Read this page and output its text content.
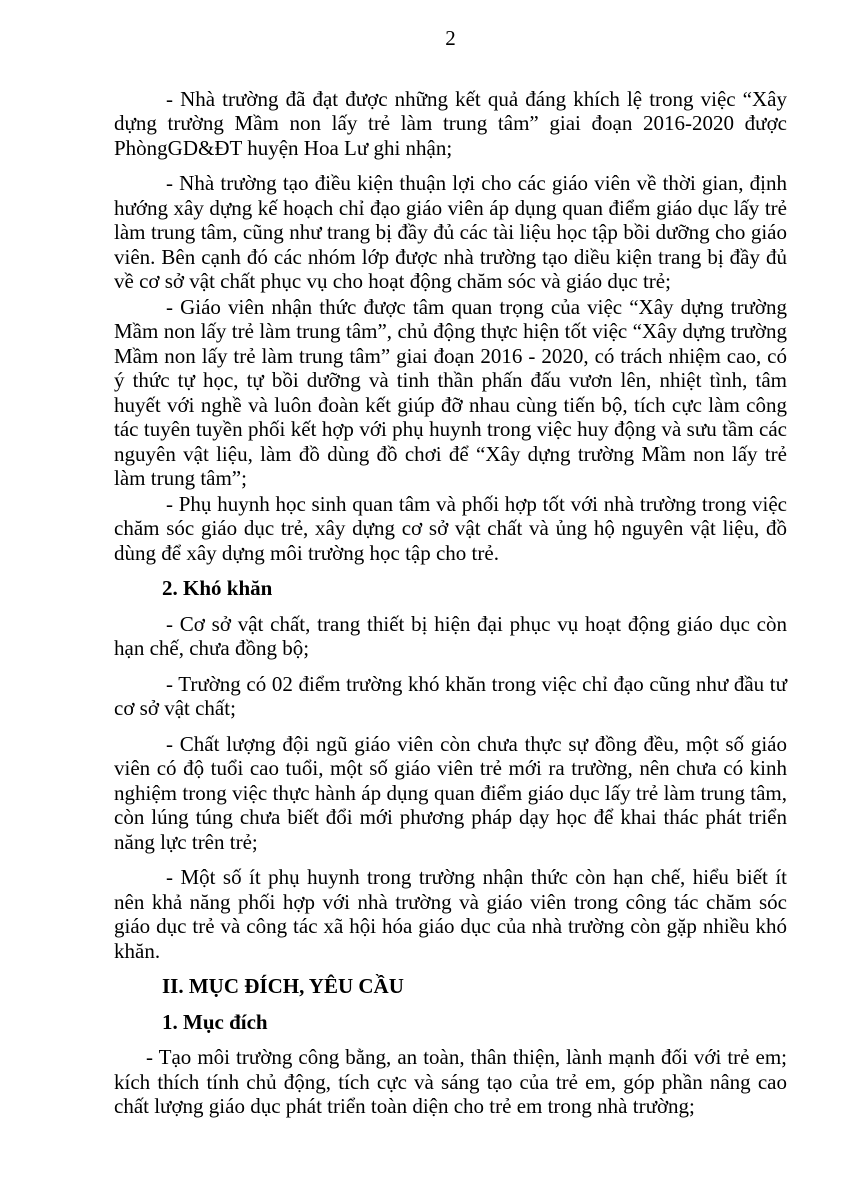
2

- Nhà trường đã đạt được những kết quả đáng khích lệ trong việc “Xây dựng trường Mầm non lấy trẻ làm trung tâm” giai đoạn 2016-2020 được PhòngGD&ĐT huyện Hoa Lư ghi nhận;

- Nhà trường tạo điều kiện thuận lợi cho các giáo viên về thời gian, định hướng xây dựng kế hoạch chỉ đạo giáo viên áp dụng quan điểm giáo dục lấy trẻ làm trung tâm, cũng như trang bị đầy đủ các tài liệu học tập bồi dưỡng cho giáo viên. Bên cạnh đó các nhóm lớp được nhà trường tạo diều kiện trang bị đầy đủ về cơ sở vật chất phục vụ cho hoạt động chăm sóc và giáo dục trẻ;

- Giáo viên nhận thức được tâm quan trọng của việc “Xây dựng trường Mầm non lấy trẻ làm trung tâm”, chủ động thực hiện tốt việc “Xây dựng trường Mầm non lấy trẻ làm trung tâm” giai đoạn 2016 - 2020, có trách nhiệm cao, có ý thức tự học, tự bồi dưỡng và tinh thần phấn đấu vươn lên, nhiệt tình, tâm huyết với nghề và luôn đoàn kết giúp đỡ nhau cùng tiến bộ, tích cực làm công tác tuyên tuyền phối kết hợp với phụ huynh trong việc huy động và sưu tầm các nguyên vật liệu, làm đồ dùng đồ chơi để “Xây dựng trường Mầm non lấy trẻ làm trung tâm”;

- Phụ huynh học sinh quan tâm và phối hợp tốt với nhà trường trong việc chăm sóc giáo dục trẻ, xây dựng cơ sở vật chất và ủng hộ nguyên vật liệu, đồ dùng để xây dựng môi trường học tập cho trẻ.

2. Khó khăn

- Cơ sở vật chất, trang thiết bị hiện đại phục vụ hoạt động giáo dục còn hạn chế, chưa đồng bộ;

- Trường có 02 điểm trường khó khăn trong việc chỉ đạo cũng như đầu tư cơ sở vật chất;

- Chất lượng đội ngũ giáo viên còn chưa thực sự đồng đều, một số giáo viên có độ tuổi cao tuổi, một số giáo viên trẻ mới ra trường, nên chưa có kinh nghiệm trong việc thực hành áp dụng quan điểm giáo dục lấy trẻ làm trung tâm, còn lúng túng chưa biết đổi mới phương pháp dạy học để khai thác phát triển năng lực trên trẻ;

- Một số ít phụ huynh trong trường nhận thức còn hạn chế, hiểu biết ít nên khả năng phối hợp với nhà trường và giáo viên trong công tác chăm sóc giáo dục trẻ và công tác xã hội hóa giáo dục của nhà trường còn gặp nhiều khó khăn.

II. MỤC ĐÍCH, YÊU CẦU

1. Mục đích

- Tạo môi trường công bằng, an toàn, thân thiện, lành mạnh đối với trẻ em; kích thích tính chủ động, tích cực và sáng tạo của trẻ em, góp phần nâng cao chất lượng giáo dục phát triển toàn diện cho trẻ em trong nhà trường;
